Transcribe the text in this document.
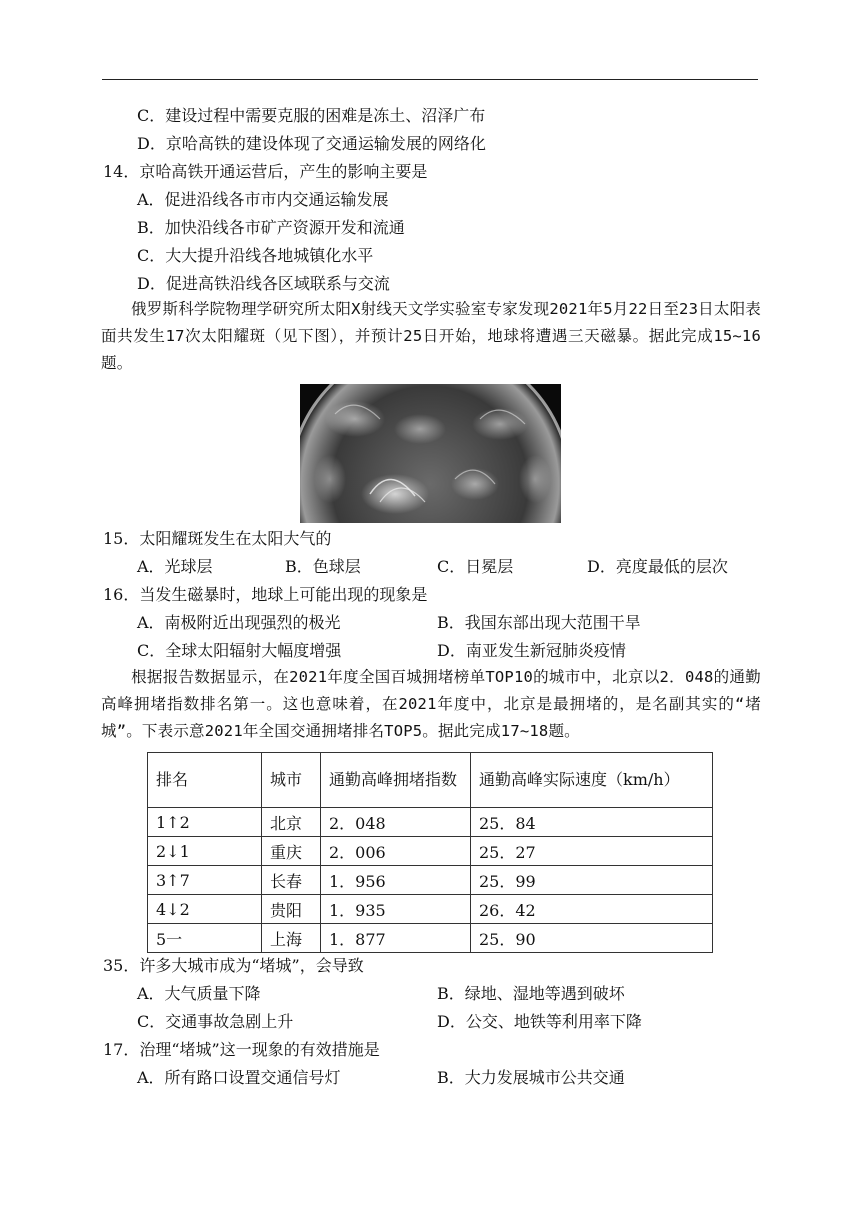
C．建设过程中需要克服的困难是冻土、沼泽广布
D．京哈高铁的建设体现了交通运输发展的网络化
14．京哈高铁开通运营后，产生的影响主要是
A．促进沿线各市市内交通运输发展
B．加快沿线各市矿产资源开发和流通
C．大大提升沿线各地城镇化水平
D．促进高铁沿线各区域联系与交流
俄罗斯科学院物理学研究所太阳X射线天文学实验室专家发现2021年5月22日至23日太阳表面共发生17次太阳耀斑（见下图），并预计25日开始，地球将遭遇三天磁暴。据此完成15~16题。
15．太阳耀斑发生在太阳大气的
A．光球层	B．色球层	C．日冕层	D．亮度最低的层次
16．当发生磁暴时，地球上可能出现的现象是
A．南极附近出现强烈的极光	B．我国东部出现大范围干旱
C．全球太阳辐射大幅度增强	D．南亚发生新冠肺炎疫情
根据报告数据显示，在2021年度全国百城拥堵榜单TOP10的城市中，北京以2．048的通勤高峰拥堵指数排名第一。这也意味着，在2021年度中，北京是最拥堵的，是名副其实的“堵城”。下表示意2021年全国交通拥堵排名TOP5。据此完成17~18题。
排名	城市	通勤高峰拥堵指数	通勤高峰实际速度（km/h）
1↑2	北京	2．048	25．84
2↓1	重庆	2．006	25．27
3↑7	长春	1．956	25．99
4↓2	贵阳	1．935	26．42
5一	上海	1．877	25．90
35．许多大城市成为“堵城”，会导致
A．大气质量下降	B．绿地、湿地等遇到破坏
C．交通事故急剧上升	D．公交、地铁等利用率下降
17．治理“堵城”这一现象的有效措施是
A．所有路口设置交通信号灯	B．大力发展城市公共交通
